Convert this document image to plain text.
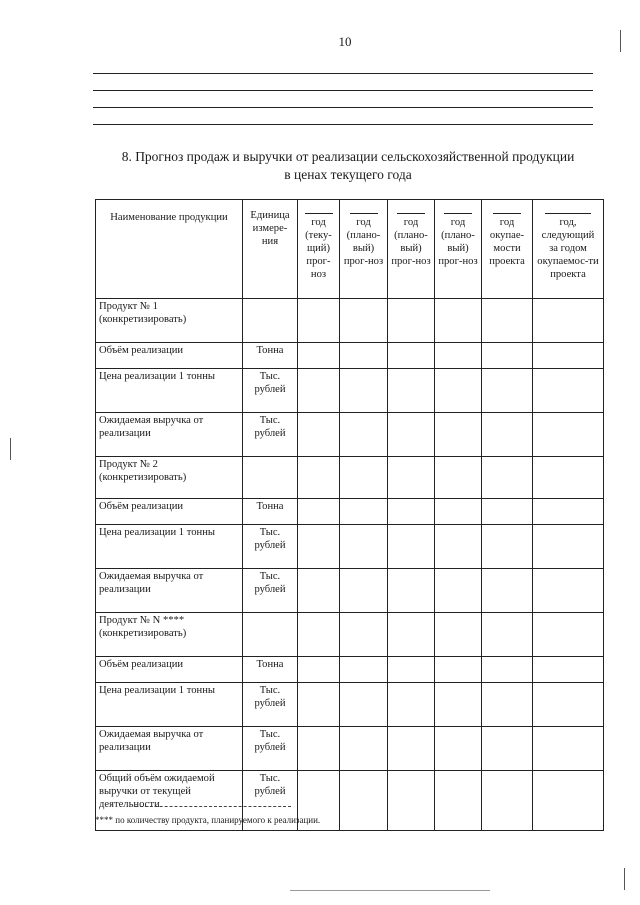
10
8. Прогноз продаж и выручки от реализации сельскохозяйственной продукции
в ценах текущего года
Наименование продукции	Единица измере-ния	год (теку-щий) прог-ноз	год (плано-вый) прог-ноз	год (плано-вый) прог-ноз	год (плано-вый) прог-ноз	год окупае-мости проекта	год, следующий за годом окупаемос-ти проекта
Продукт № 1 (конкретизировать)							
Объём реализации	Тонна						
Цена реализации 1 тонны	Тыс. рублей						
Ожидаемая выручка от реализации	Тыс. рублей						
Продукт № 2 (конкретизировать)							
Объём реализации	Тонна						
Цена реализации 1 тонны	Тыс. рублей						
Ожидаемая выручка от реализации	Тыс. рублей						
Продукт № N **** (конкретизировать)							
Объём реализации	Тонна						
Цена реализации 1 тонны	Тыс. рублей						
Ожидаемая выручка от реализации	Тыс. рублей						
Общий объём ожидаемой выручки от текущей деятельности	Тыс. рублей						
**** по количеству продукта, планируемого к реализации.
